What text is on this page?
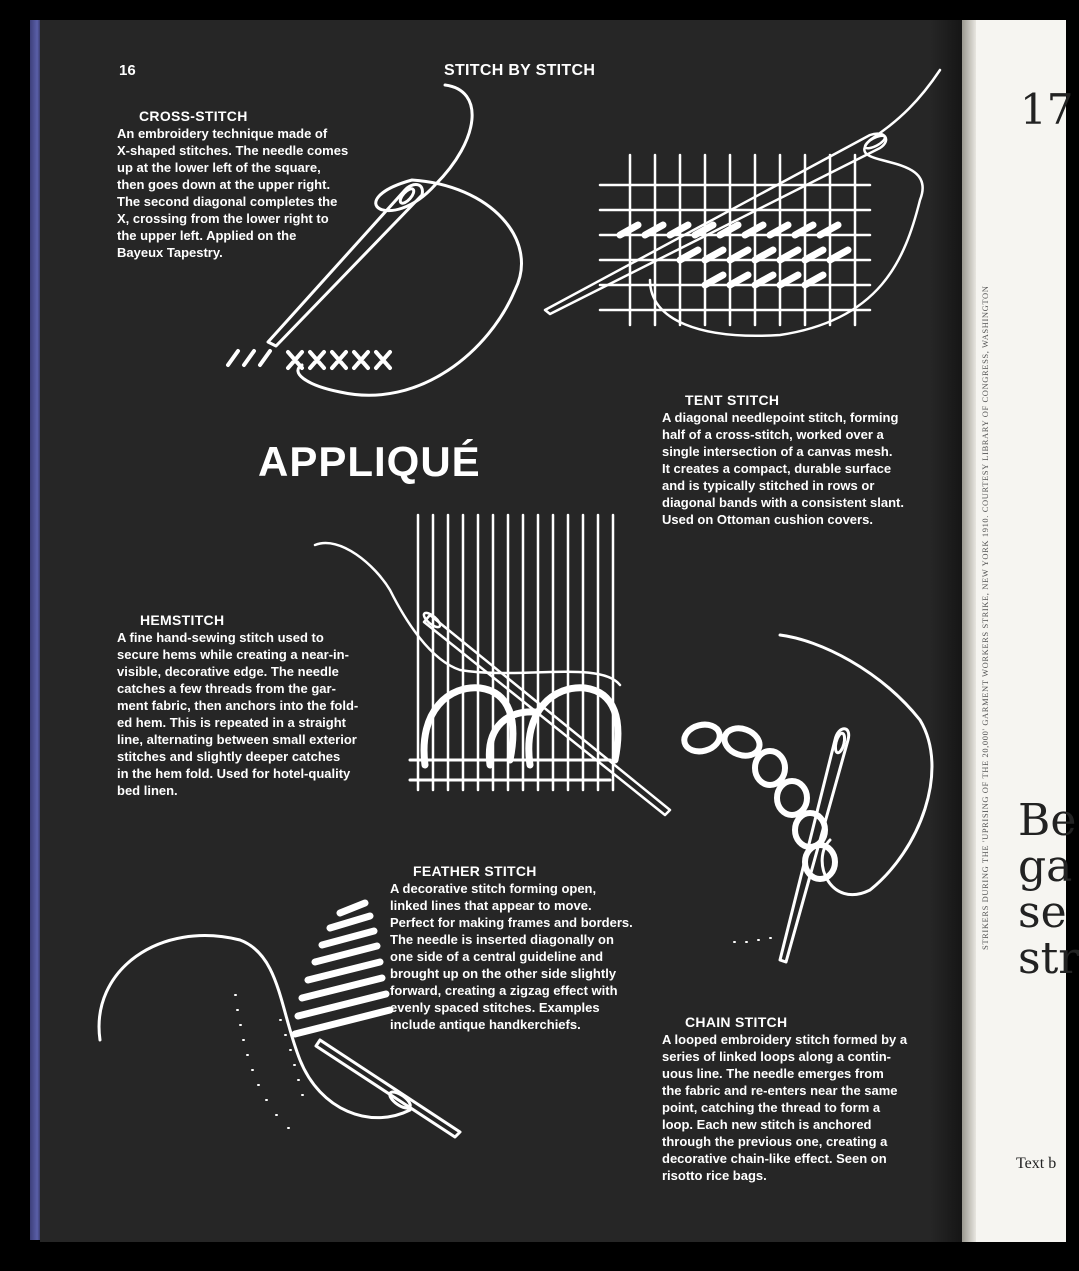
16	STITCH BY STITCH
CROSS-STITCH
An embroidery technique made of
X-shaped stitches. The needle comes
up at the lower left of the square,
then goes down at the upper right.
The second diagonal completes the
X, crossing from the lower right to
the upper left. Applied on the
Bayeux Tapestry.
APPLIQUÉ
TENT STITCH
A diagonal needlepoint stitch, forming
half of a cross-stitch, worked over a
single intersection of a canvas mesh.
It creates a compact, durable surface
and is typically stitched in rows or
diagonal bands with a consistent slant.
Used on Ottoman cushion covers.
HEMSTITCH
A fine hand-sewing stitch used to
secure hems while creating a near-in-
visible, decorative edge. The needle
catches a few threads from the gar-
ment fabric, then anchors into the fold-
ed hem. This is repeated in a straight
line, alternating between small exterior
stitches and slightly deeper catches
in the hem fold. Used for hotel-quality
bed linen.
FEATHER STITCH
A decorative stitch forming open,
linked lines that appear to move.
Perfect for making frames and borders.
The needle is inserted diagonally on
one side of a central guideline and
brought up on the other side slightly
forward, creating a zigzag effect with
evenly spaced stitches. Examples
include antique handkerchiefs.	CHAIN STITCH
A looped embroidery stitch formed by a
series of linked loops along a contin-
uous line. The needle emerges from
the fabric and re-enters near the same
point, catching the thread to form a
loop. Each new stitch is anchored
through the previous one, creating a
decorative chain-like effect. Seen on
risotto rice bags.
17
STRIKERS DURING THE 'UPRISING OF THE 20,000' GARMENT WORKERS STRIKE, NEW YORK 1910. COURTESY LIBRARY OF CONGRESS, WASHINGTON Be
ga
se
str
Text b
